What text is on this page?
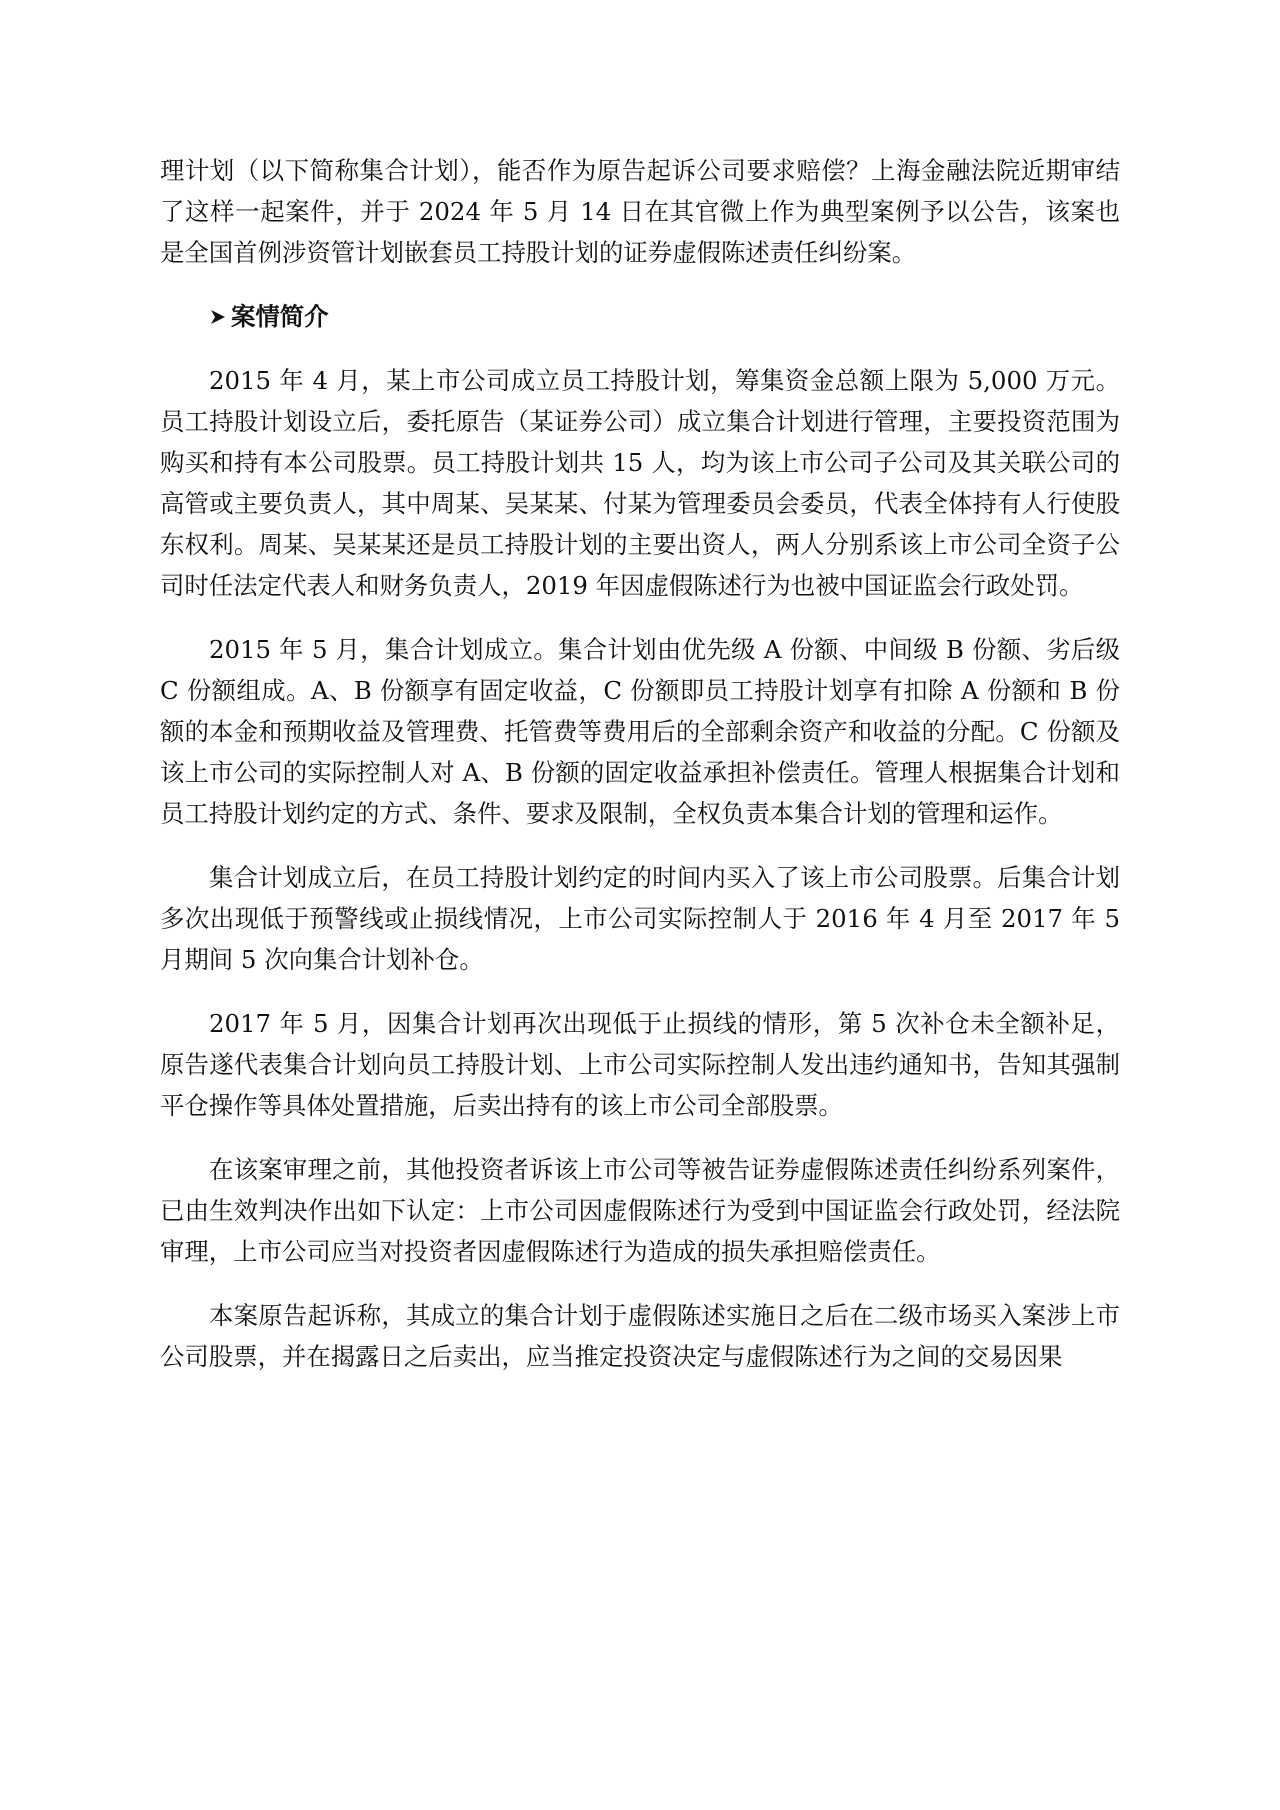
理计划（以下简称集合计划），能否作为原告起诉公司要求赔偿？上海金融法院近期审结了这样一起案件，并于 2024 年 5 月 14 日在其官微上作为典型案例予以公告，该案也是全国首例涉资管计划嵌套员工持股计划的证券虚假陈述责任纠纷案。

案情简介

2015 年 4 月，某上市公司成立员工持股计划，筹集资金总额上限为 5,000 万元。员工持股计划设立后，委托原告（某证券公司）成立集合计划进行管理，主要投资范围为购买和持有本公司股票。员工持股计划共 15 人，均为该上市公司子公司及其关联公司的高管或主要负责人，其中周某、吴某某、付某为管理委员会委员，代表全体持有人行使股东权利。周某、吴某某还是员工持股计划的主要出资人，两人分别系该上市公司全资子公司时任法定代表人和财务负责人，2019 年因虚假陈述行为也被中国证监会行政处罚。

2015 年 5 月，集合计划成立。集合计划由优先级 A 份额、中间级 B 份额、劣后级 C 份额组成。A、B 份额享有固定收益，C 份额即员工持股计划享有扣除 A 份额和 B 份额的本金和预期收益及管理费、托管费等费用后的全部剩余资产和收益的分配。C 份额及该上市公司的实际控制人对 A、B 份额的固定收益承担补偿责任。管理人根据集合计划和员工持股计划约定的方式、条件、要求及限制，全权负责本集合计划的管理和运作。

集合计划成立后，在员工持股计划约定的时间内买入了该上市公司股票。后集合计划多次出现低于预警线或止损线情况，上市公司实际控制人于 2016 年 4 月至 2017 年 5 月期间 5 次向集合计划补仓。

2017 年 5 月，因集合计划再次出现低于止损线的情形，第 5 次补仓未全额补足，原告遂代表集合计划向员工持股计划、上市公司实际控制人发出违约通知书，告知其强制平仓操作等具体处置措施，后卖出持有的该上市公司全部股票。

在该案审理之前，其他投资者诉该上市公司等被告证券虚假陈述责任纠纷系列案件，已由生效判决作出如下认定：上市公司因虚假陈述行为受到中国证监会行政处罚，经法院审理，上市公司应当对投资者因虚假陈述行为造成的损失承担赔偿责任。

本案原告起诉称，其成立的集合计划于虚假陈述实施日之后在二级市场买入案涉上市公司股票，并在揭露日之后卖出，应当推定投资决定与虚假陈述行为之间的交易因果
